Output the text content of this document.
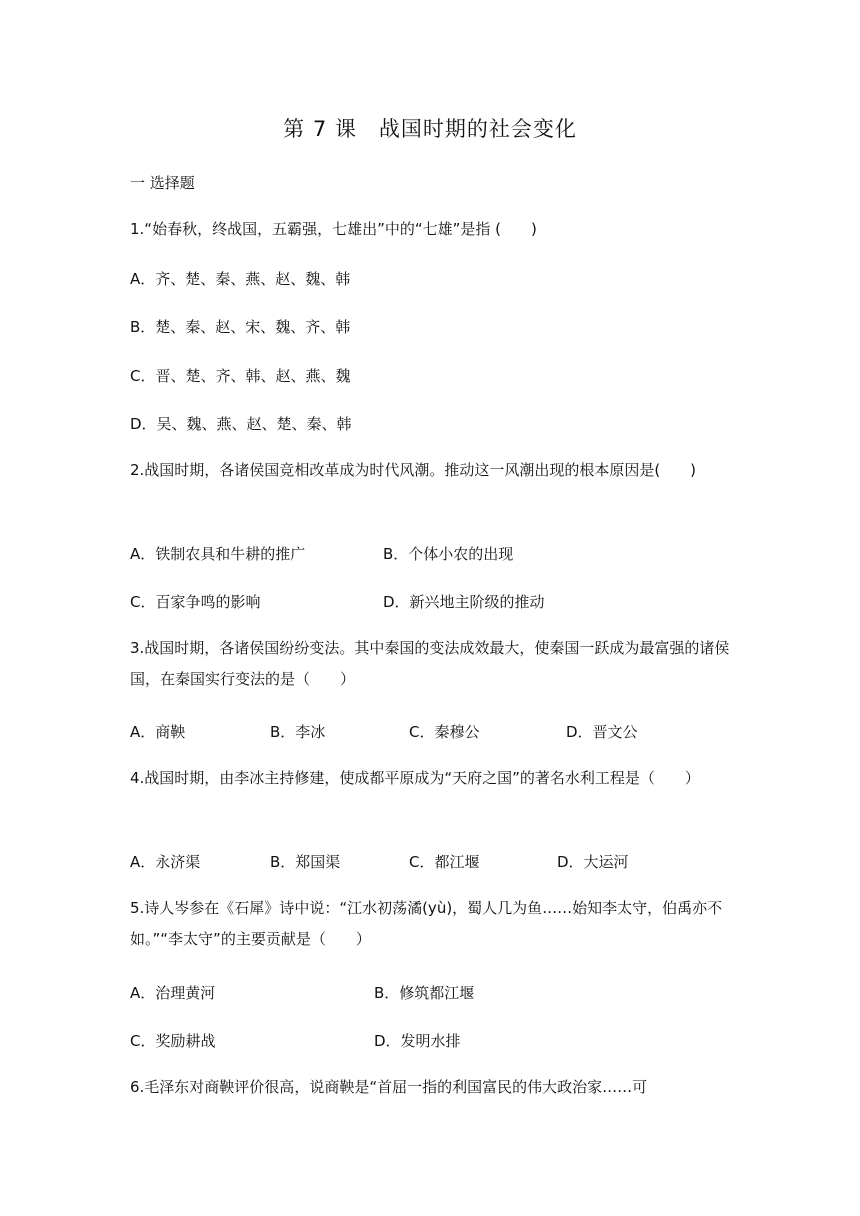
第 7 课　战国时期的社会变化
一 选择题
1.“始春秋，终战国，五霸强，七雄出”中的“七雄”是指 (　　)
A．齐、楚、秦、燕、赵、魏、韩
B．楚、秦、赵、宋、魏、齐、韩
C．晋、楚、齐、韩、赵、燕、魏
D．吴、魏、燕、赵、楚、秦、韩
2.战国时期，各诸侯国竞相改革成为时代风潮。推动这一风潮出现的根本原因是(　　)
A．铁制农具和牛耕的推广	B．个体小农的出现
C．百家争鸣的影响	D．新兴地主阶级的推动
3.战国时期，各诸侯国纷纷变法。其中秦国的变法成效最大，使秦国一跃成为最富强的诸侯国，在秦国实行变法的是（　　）
A．商鞅	B．李冰	C．秦穆公	D．晋文公
4.战国时期，由李冰主持修建，使成都平原成为“天府之国”的著名水利工程是（　　）
A．永济渠	B．郑国渠	C．都江堰	D．大运河
5.诗人岑参在《石犀》诗中说：“江水初荡潏(yù)，蜀人几为鱼……始知李太守，伯禹亦不如。”“李太守”的主要贡献是（　　）
A．治理黄河	B．修筑都江堰
C．奖励耕战	D．发明水排
6.毛泽东对商鞅评价很高，说商鞅是“首屈一指的利国富民的伟大政治家……可
